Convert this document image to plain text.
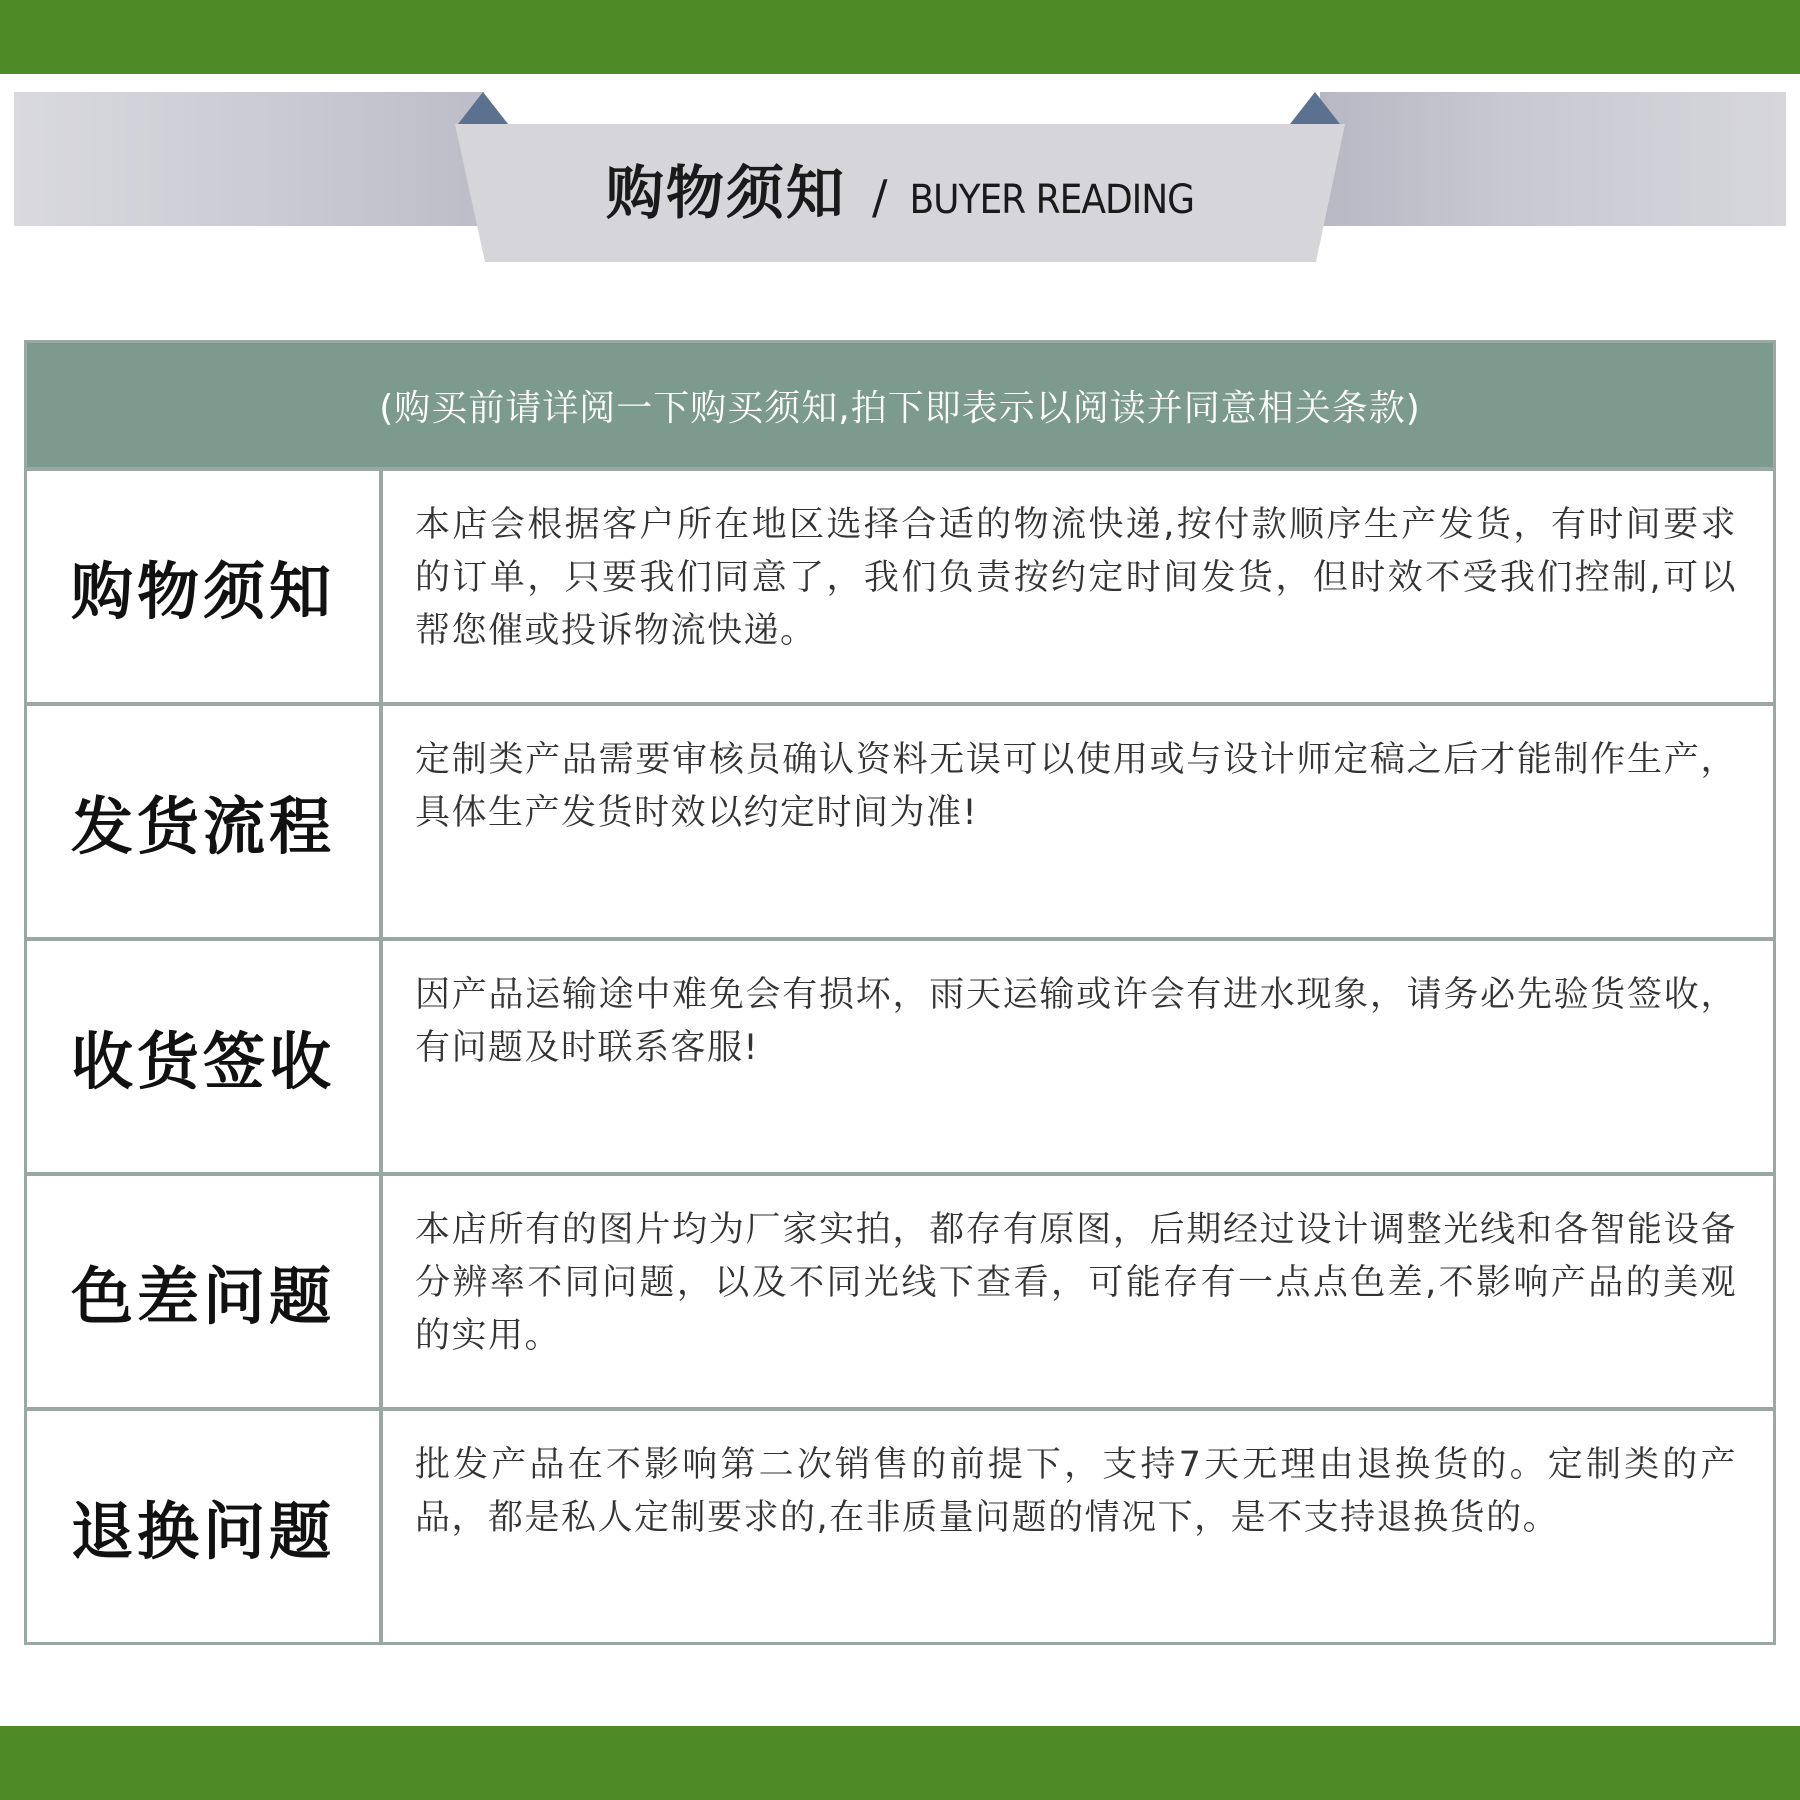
购物须知 / BUYER READING
(购买前请详阅一下购买须知,拍下即表示以阅读并同意相关条款)
购物须知
本店会根据客户所在地区选择合适的物流快递,按付款顺序生产发货，有时间要求的订单，只要我们同意了，我们负责按约定时间发货，但时效不受我们控制,可以帮您催或投诉物流快递。
发货流程
定制类产品需要审核员确认资料无误可以使用或与设计师定稿之后才能制作生产，具体生产发货时效以约定时间为准!
收货签收
因产品运输途中难免会有损坏，雨天运输或许会有进水现象，请务必先验货签收，有问题及时联系客服!
色差问题
本店所有的图片均为厂家实拍，都存有原图，后期经过设计调整光线和各智能设备分辨率不同问题，以及不同光线下查看，可能存有一点点色差,不影响产品的美观的实用。
退换问题
批发产品在不影响第二次销售的前提下，支持7天无理由退换货的。定制类的产品，都是私人定制要求的,在非质量问题的情况下，是不支持退换货的。
